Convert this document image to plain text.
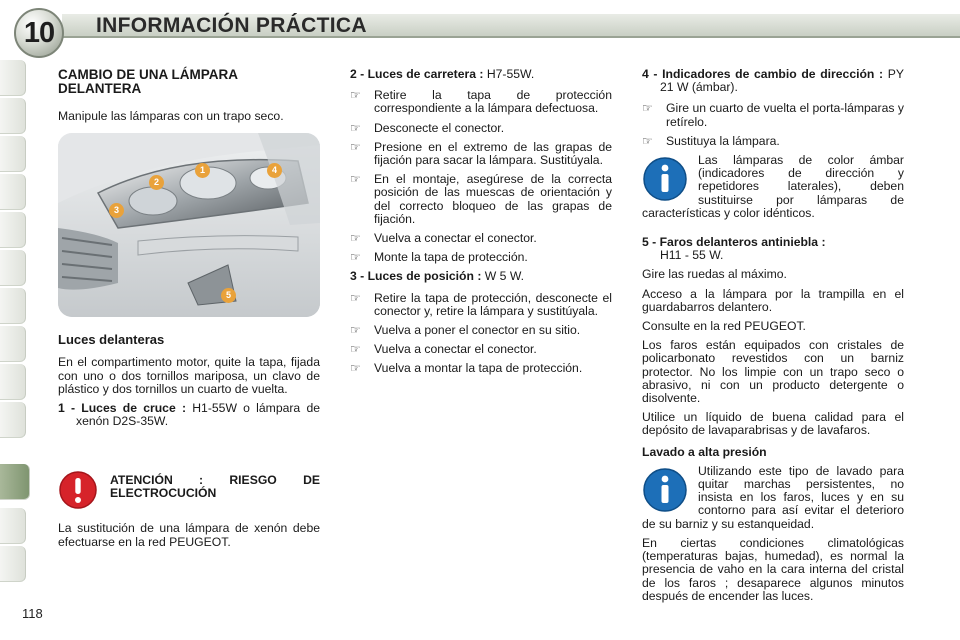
10 INFORMACIÓN PRÁCTICA
118
CAMBIO DE UNA LÁMPARA DELANTERA

Manipule las lámparas con un trapo seco.

1
2
3
4
5
Luces delanteras

En el compartimento motor, quite la tapa, fijada con uno o dos tornillos mariposa, un clavo de plástico y dos tornillos un cuarto de vuelta.

1 - Luces de cruce : H1-55W o lámpara de xenón D2S-35W.

ATENCIÓN : RIESGO DE ELECTROCUCIÓN

La sustitución de una lámpara de xenón debe efectuarse en la red PEUGEOT.

2 - Luces de carretera : H7-55W.

☞ Retire la tapa de protección correspondiente a la lámpara defectuosa.
☞ Desconecte el conector.
☞ Presione en el extremo de las grapas de fijación para sacar la lámpara. Sustitúyala.
☞ En el montaje, asegúrese de la correcta posición de las muescas de orientación y del correcto bloqueo de las grapas de fijación.
☞ Vuelva a conectar el conector.
☞ Monte la tapa de protección.

3 - Luces de posición : W 5 W.

☞ Retire la tapa de protección, desconecte el conector y, retire la lámpara y sustitúyala.
☞ Vuelva a poner el conector en su sitio.
☞ Vuelva a conectar el conector.
☞ Vuelva a montar la tapa de protección.

4 - Indicadores de cambio de dirección : PY 21 W (ámbar).

☞ Gire un cuarto de vuelta el porta-lámparas y retírelo.
☞ Sustituya la lámpara.

Las lámparas de color ámbar (indicadores de dirección y repetidores laterales), deben sustituirse por lámparas de características y color idénticos.

5 - Faros delanteros antiniebla :
H11 - 55 W.

Gire las ruedas al máximo.

Acceso a la lámpara por la trampilla en el guardabarros delantero.

Consulte en la red PEUGEOT.

Los faros están equipados con cristales de policarbonato revestidos con un barniz protector. No los limpie con un trapo seco o abrasivo, ni con un producto detergente o disolvente.

Utilice un líquido de buena calidad para el depósito de lavaparabrisas y de lavafaros.

Lavado a alta presión

Utilizando este tipo de lavado para quitar marchas persistentes, no insista en los faros, luces y en su contorno para así evitar el deterioro de su barniz y su estanqueidad.

En ciertas condiciones climatológicas (temperaturas bajas, humedad), es normal la presencia de vaho en la cara interna del cristal de los faros ; desaparece algunos minutos después de encender las luces.
